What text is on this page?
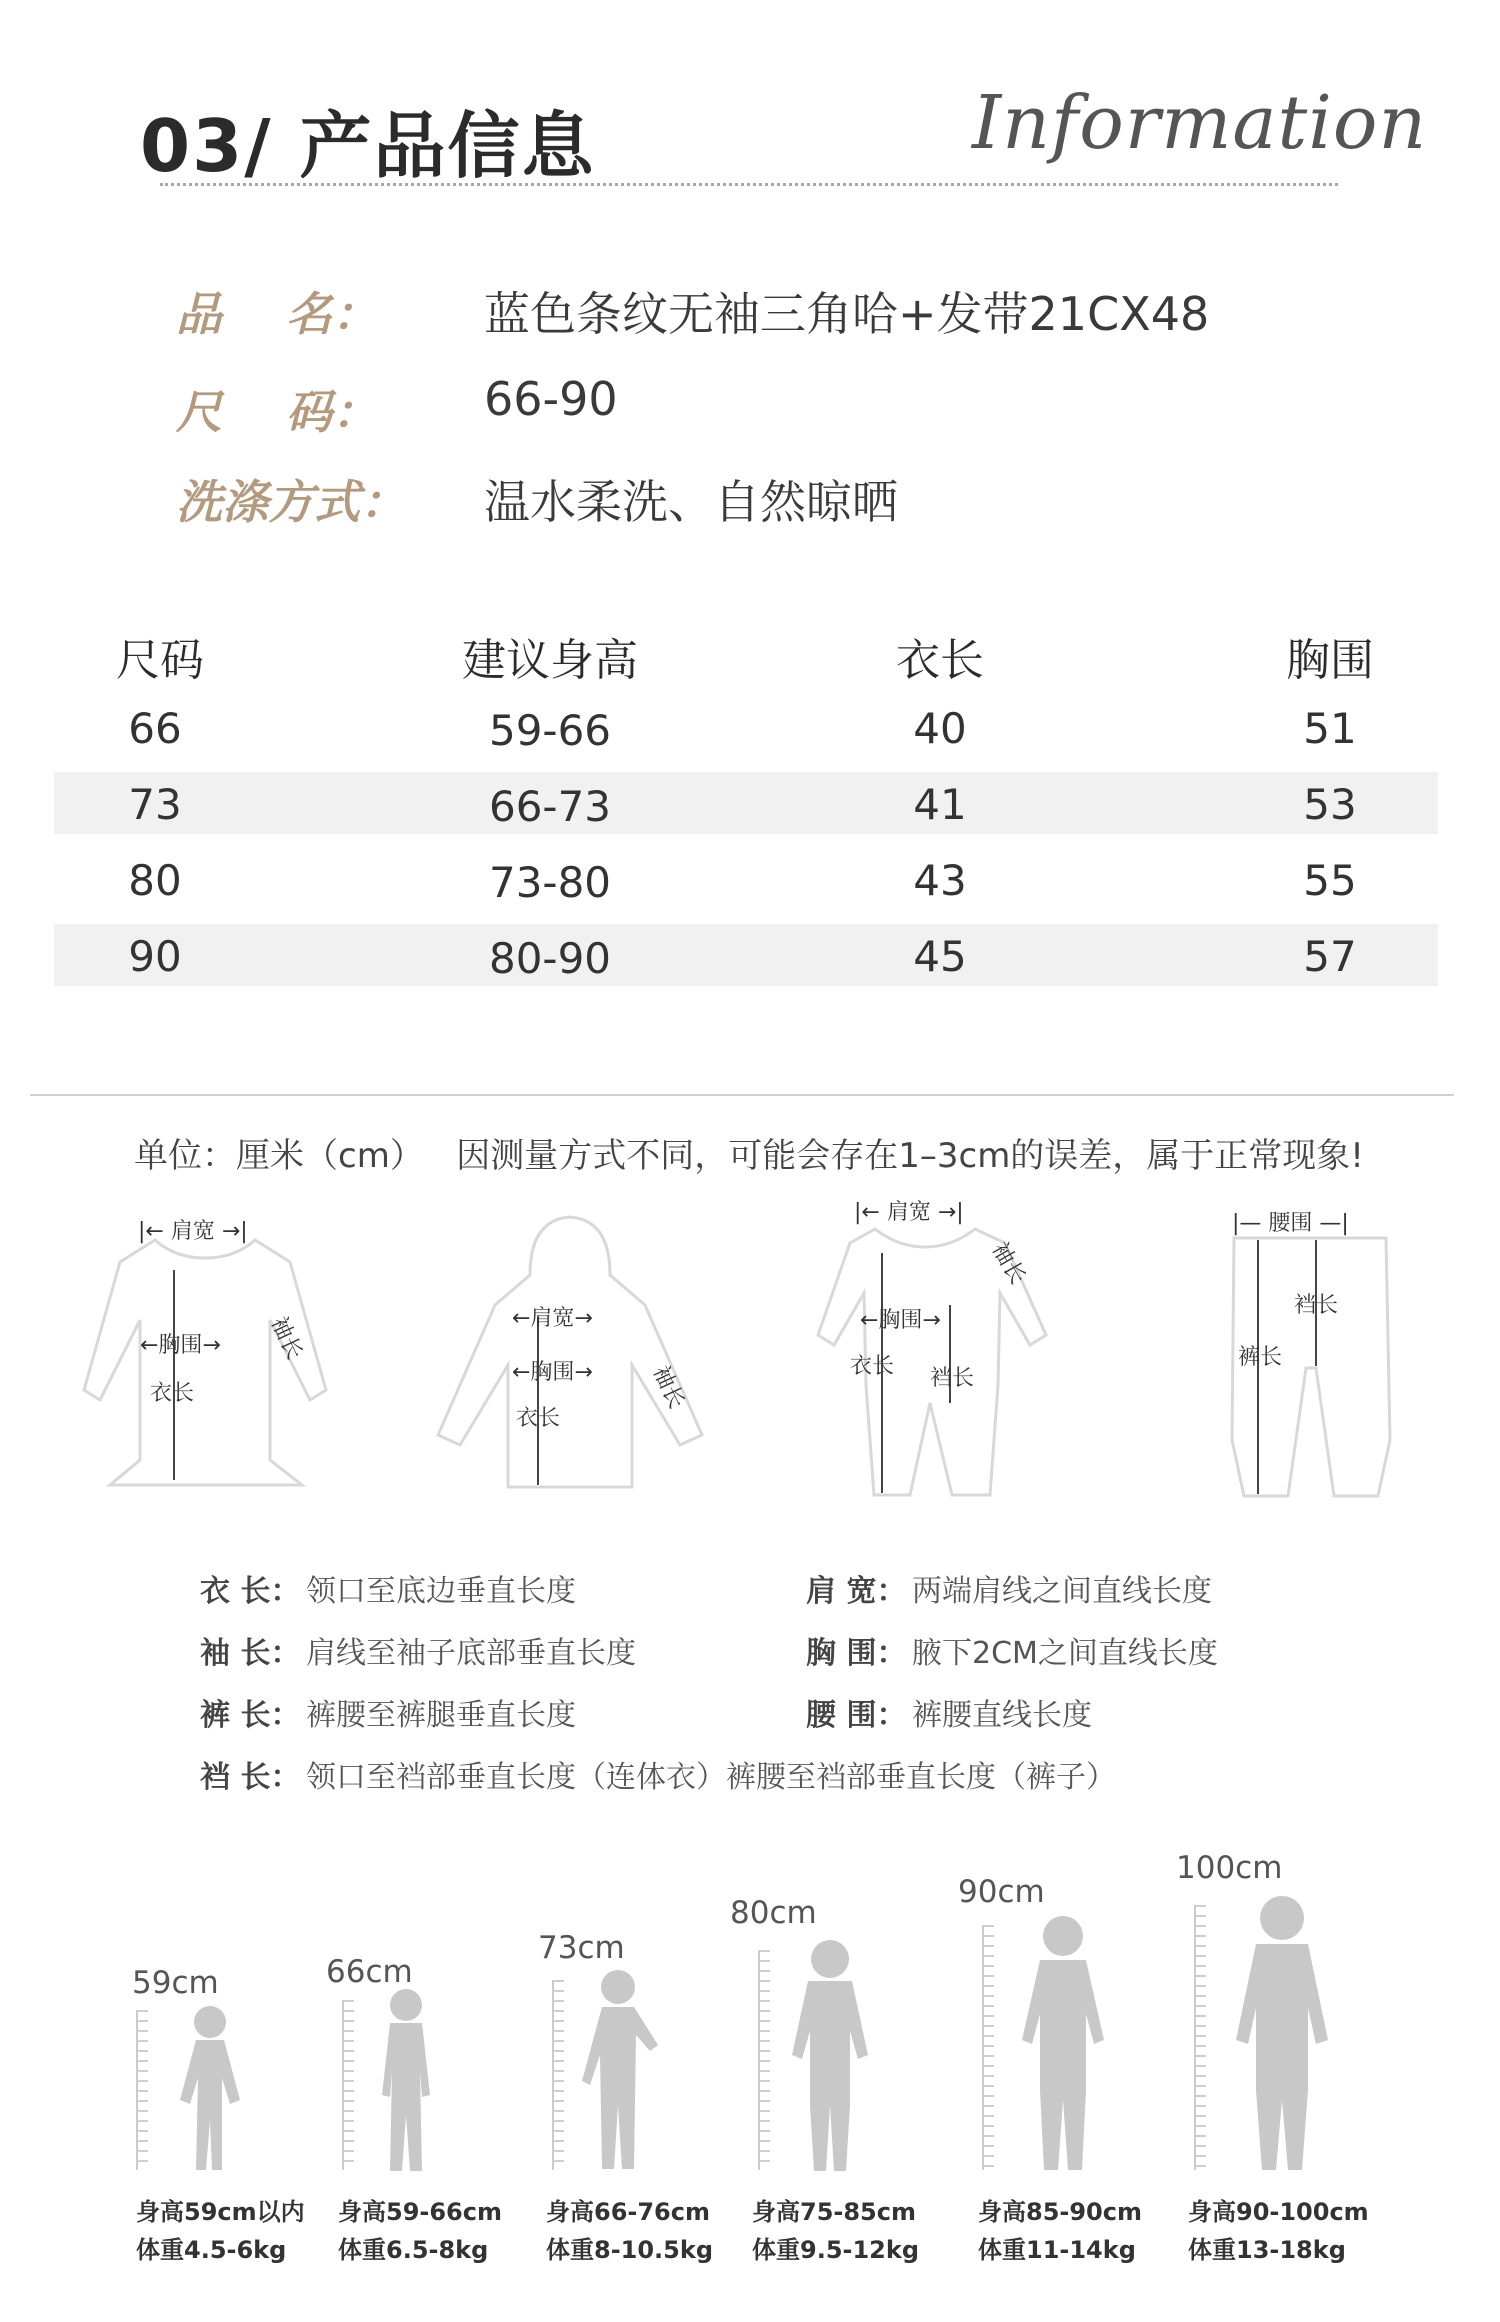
03/ 产品信息	Information
品    名： 蓝色条纹无袖三角哈+发带21CX48
尺    码： 66-90
洗涤方式： 温水柔洗、自然晾晒
尺码	建议身高	衣长	胸围
66	59-66	40	51
73	66-73	41	53
80	73-80	43	55
90	80-90	45	57
单位：厘米（cm）   因测量方式不同，可能会存在1–3cm的误差，属于正常现象!
|← 肩宽 →|
←胸围→
衣长
袖长	←肩宽→
←胸围→
衣长
袖长
|← 肩宽 →|
←胸围→
衣长 裆长
袖长
|— 腰围 —|
裆长
裤长
衣 长： 领口至底边垂直长度	肩 宽： 两端肩线之间直线长度
袖 长： 肩线至袖子底部垂直长度	胸 围： 腋下2CM之间直线长度
裤 长： 裤腰至裤腿垂直长度	腰 围： 裤腰直线长度
裆 长： 领口至裆部垂直长度（连体衣）裤腰至裆部垂直长度（裤子）
59cm
身高59cm以内
体重4.5-6kg
66cm
身高59-66cm
体重6.5-8kg
73cm
身高66-76cm
体重8-10.5kg
80cm
身高75-85cm
体重9.5-12kg
90cm
身高85-90cm
体重11-14kg
100cm
身高90-100cm
体重13-18kg
